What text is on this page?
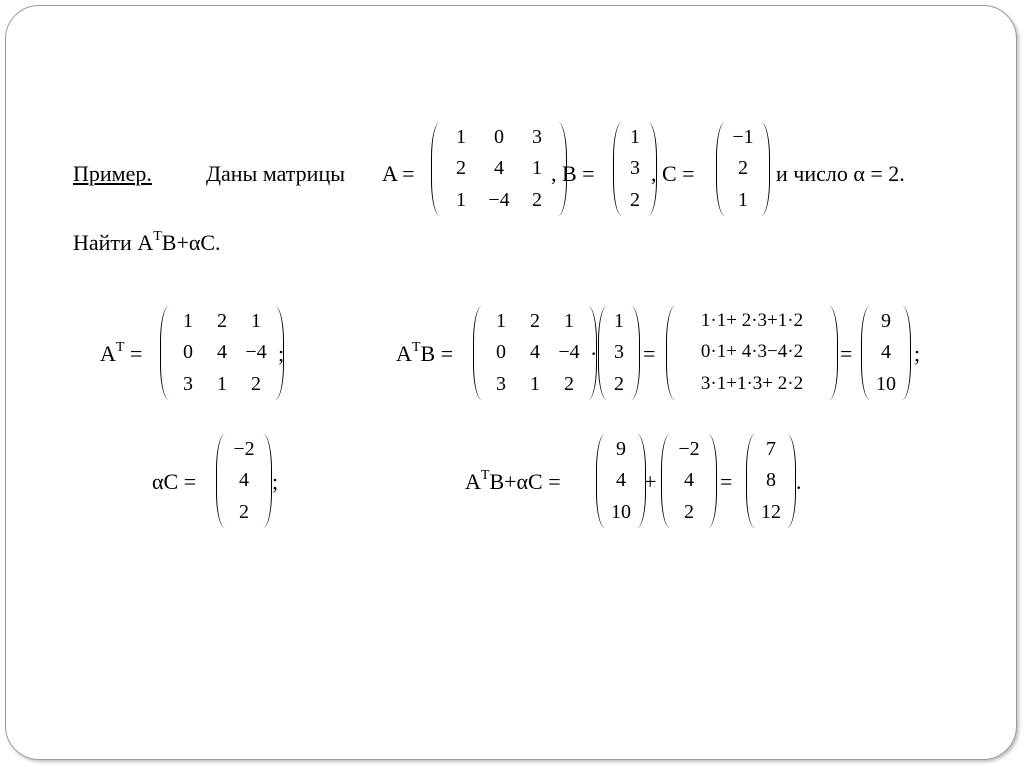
Пример. Даны матрицы A =
1	0	3
2	4	1
1	−4	2
, B =
1
3
2
, C =
−1
2
1
и число α = 2.
Найти $A^TB+\alpha C$.
$A^T$ =
1	2	1
0	4 −4
3	1	2
;	$A^TB$ =
1	2	1
0	4 −4
3	1	2
·
1
3
2
=
1·1+ 2·3+1·2
0·1+ 4·3−4·2
3·1+1·3+ 2·2
=
9
4
10
;
αC =
−2
4
2
;	$A^TB+\alpha C$ =
9
4
10
+
−2
4
2
=
7
8
12
.
